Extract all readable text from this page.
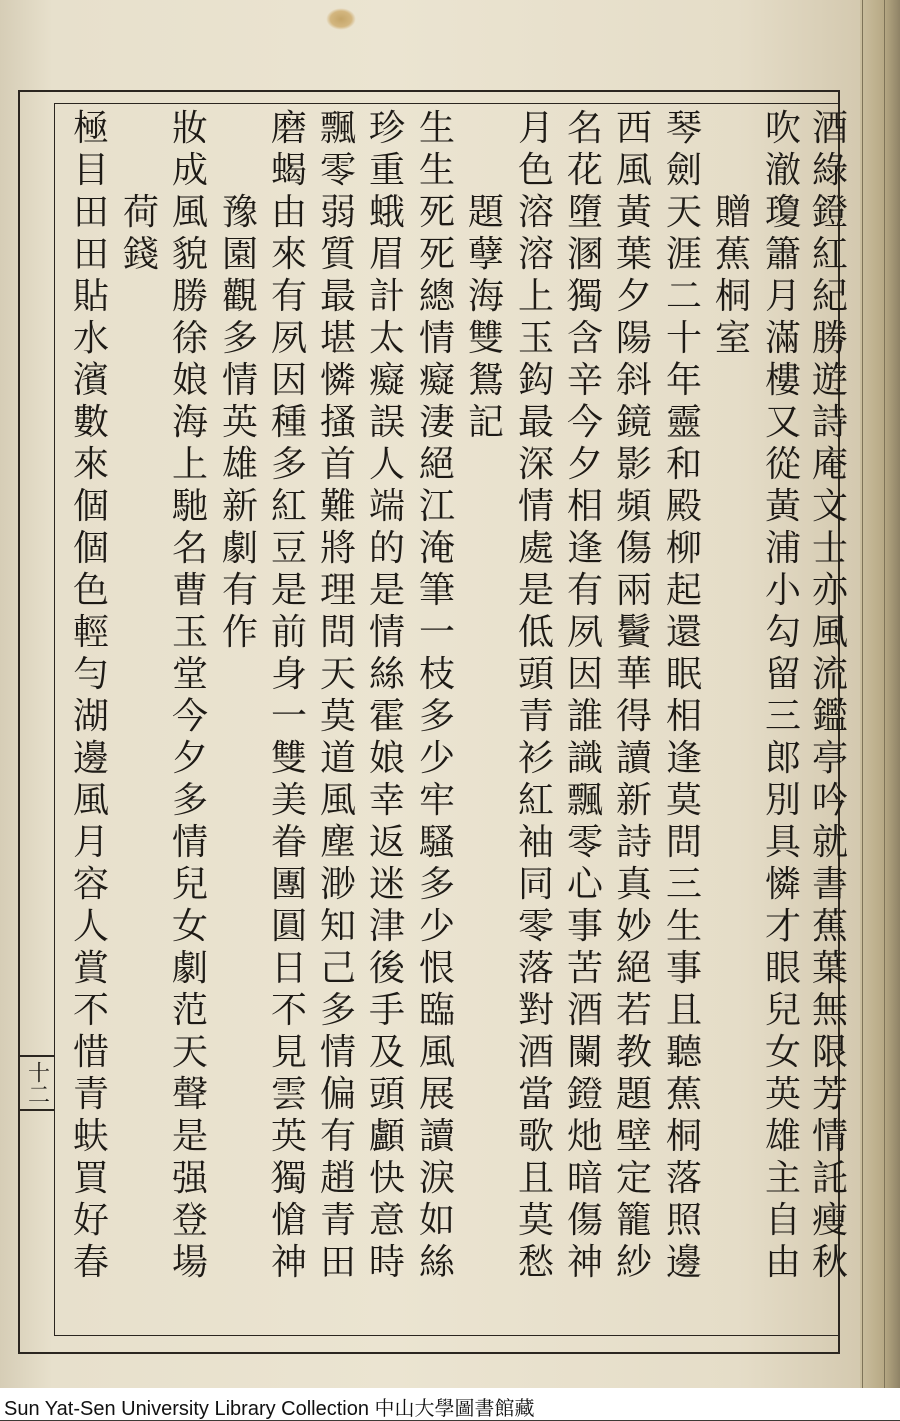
酒
綠
鐙
紅
紀
勝
遊
詩
庵
文
士
亦
風
流
鑑
亭
吟
就
書
蕉
葉
無
限
芳
情
託
瘦
秋
吹
澈
瓊
簫
月
滿
樓
又
從
黃
浦
小
勾
留
三
郎
別
具
憐
才
眼
兒
女
英
雄
主
自
由

贈
蕉
桐
室
琴
劍
天
涯
二
十
年
靈
和
殿
柳
起
還
眠
相
逢
莫
問
三
生
事
且
聽
蕉
桐
落
照
邊
西
風
黃
葉
夕
陽
斜
鏡
影
頻
傷
兩
鬢
華
得
讀
新
詩
真
妙
絕
若
教
題
壁
定
籠
紗
名
花
墮
溷
獨
含
辛
今
夕
相
逢
有
夙
因
誰
識
飄
零
心
事
苦
酒
闌
鐙
灺
暗
傷
神
月
色
溶
溶
上
玉
鈎
最
深
情
處
是
低
頭
青
衫
紅
袖
同
零
落
對
酒
當
歌
且
莫
愁

題
孽
海
雙
鴛
記
生
生
死
死
總
情
癡
淒
絕
江
淹
筆
一
枝
多
少
牢
騷
多
少
恨
臨
風
展
讀
淚
如
絲
珍
重
蛾
眉
計
太
癡
誤
人
端
的
是
情
絲
霍
娘
幸
返
迷
津
後
手
及
頭
顱
快
意
時
飄
零
弱
質
最
堪
憐
搔
首
難
將
理
問
天
莫
道
風
塵
渺
知
己
多
情
偏
有
趙
青
田
磨
蝎
由
來
有
夙
因
種
多
紅
豆
是
前
身
一
雙
美
眷
團
圓
日
不
見
雲
英
獨
愴
神

豫
園
觀
多
情
英
雄
新
劇
有
作
妝
成
風
貌
勝
徐
娘
海
上
馳
名
曹
玉
堂
今
夕
多
情
兒
女
劇
范
天
聲
是
强
登
場

荷
錢
極
目
田
田
貼
水
濱
數
來
個
個
色
輕
勻
湖
邊
風
月
容
人
賞
不
惜
青
蚨
買
好
春
十二
Sun Yat-Sen University Library Collection 中山大學圖書館藏
